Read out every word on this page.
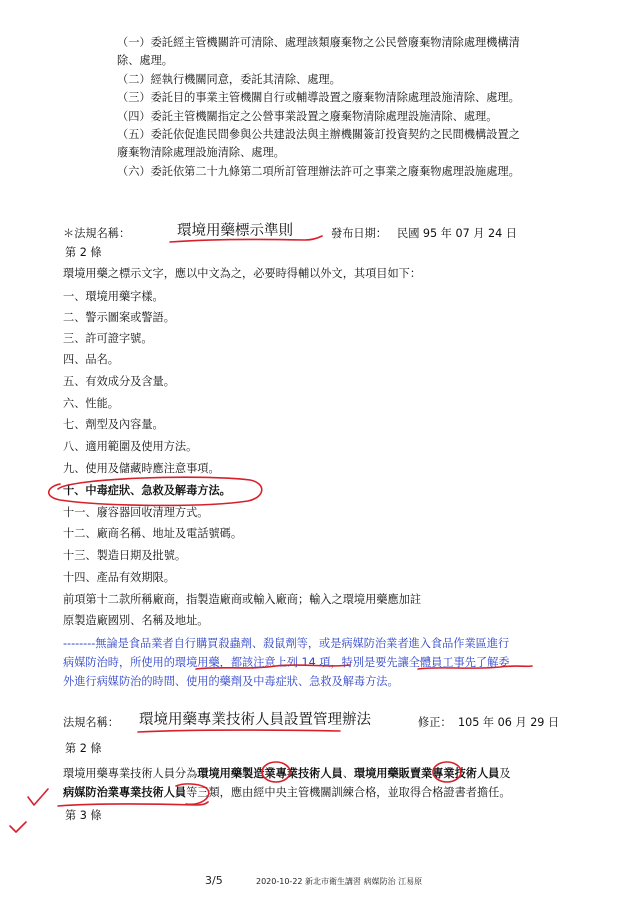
（一）委託經主管機關許可清除、處理該類廢棄物之公民營廢棄物清除處理機構清
除、處理。
（二）經執行機關同意，委託其清除、處理。
（三）委託目的事業主管機關自行或輔導設置之廢棄物清除處理設施清除、處理。
（四）委託主管機關指定之公營事業設置之廢棄物清除處理設施清除、處理。
（五）委託依促進民間參與公共建設法與主辦機關簽訂投資契約之民間機構設置之
廢棄物清除處理設施清除、處理。
（六）委託依第二十九條第二項所訂管理辦法許可之事業之廢棄物處理設施處理。
＊法規名稱：	環境用藥標示準則	發布日期： 民國 95 年 07 月 24 日
第 2 條
環境用藥之標示文字，應以中文為之，必要時得輔以外文，其項目如下：
一、環境用藥字樣。
二、警示圖案或警語。
三、許可證字號。
四、品名。
五、有效成分及含量。
六、性能。
七、劑型及內容量。
八、適用範圍及使用方法。
九、使用及儲藏時應注意事項。
十、中毒症狀、急救及解毒方法。
十一、廢容器回收清理方式。
十二、廠商名稱、地址及電話號碼。
十三、製造日期及批號。
十四、產品有效期限。
前項第十二款所稱廠商，指製造廠商或輸入廠商；輸入之環境用藥應加註
原製造廠國別、名稱及地址。
--------無論是食品業者自行購買殺蟲劑、殺鼠劑等，或是病媒防治業者進入食品作業區進行
病媒防治時，所使用的環境用藥，都該注意上列 14 項，特別是要先讓全體員工事先了解委
外進行病媒防治的時間、使用的藥劑及中毒症狀、急救及解毒方法。
法規名稱： 環境用藥專業技術人員設置管理辦法	修正： 105 年 06 月 29 日
第 2 條
環境用藥專業技術人員分為環境用藥製造業專業技術人員、環境用藥販賣業專業技術人員及
病媒防治業專業技術人員等三類，應由經中央主管機關訓練合格，並取得合格證書者擔任。
第 3 條
3/5	2020-10-22 新北市衛生講習 病媒防治 江易原
